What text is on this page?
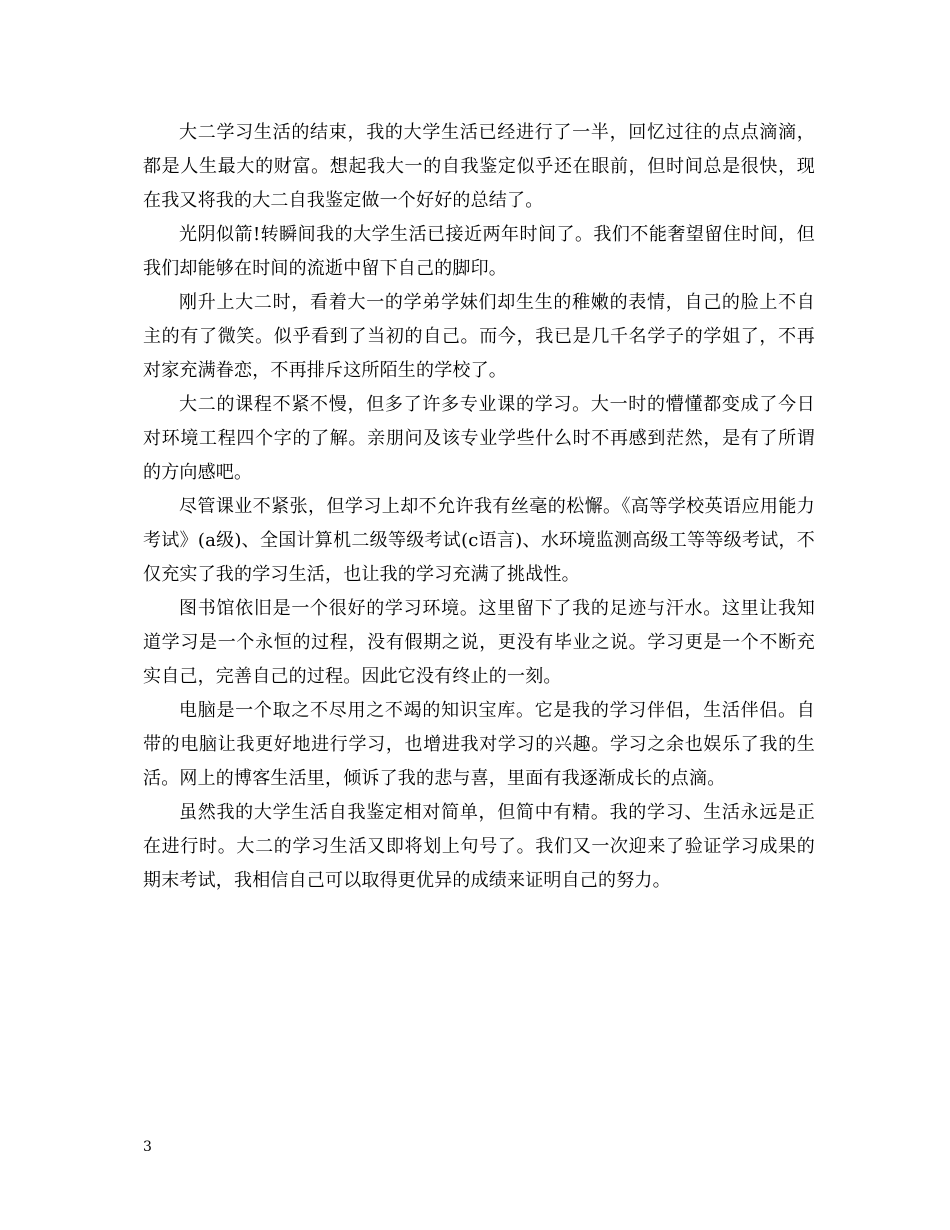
大二学习生活的结束，我的大学生活已经进行了一半，回忆过往的点点滴滴，都是人生最大的财富。想起我大一的自我鉴定似乎还在眼前，但时间总是很快，现在我又将我的大二自我鉴定做一个好好的总结了。

光阴似箭!转瞬间我的大学生活已接近两年时间了。我们不能奢望留住时间，但我们却能够在时间的流逝中留下自己的脚印。

刚升上大二时，看着大一的学弟学妹们却生生的稚嫩的表情，自己的脸上不自主的有了微笑。似乎看到了当初的自己。而今，我已是几千名学子的学姐了，不再对家充满眷恋，不再排斥这所陌生的学校了。

大二的课程不紧不慢，但多了许多专业课的学习。大一时的懵懂都变成了今日对环境工程四个字的了解。亲朋问及该专业学些什么时不再感到茫然，是有了所谓的方向感吧。

尽管课业不紧张，但学习上却不允许我有丝毫的松懈。《高等学校英语应用能力考试》(a级)、全国计算机二级等级考试(c语言)、水环境监测高级工等等级考试，不仅充实了我的学习生活，也让我的学习充满了挑战性。

图书馆依旧是一个很好的学习环境。这里留下了我的足迹与汗水。这里让我知道学习是一个永恒的过程，没有假期之说，更没有毕业之说。学习更是一个不断充实自己，完善自己的过程。因此它没有终止的一刻。

电脑是一个取之不尽用之不竭的知识宝库。它是我的学习伴侣，生活伴侣。自带的电脑让我更好地进行学习，也增进我对学习的兴趣。学习之余也娱乐了我的生活。网上的博客生活里，倾诉了我的悲与喜，里面有我逐渐成长的点滴。

虽然我的大学生活自我鉴定相对简单，但简中有精。我的学习、生活永远是正在进行时。大二的学习生活又即将划上句号了。我们又一次迎来了验证学习成果的期末考试，我相信自己可以取得更优异的成绩来证明自己的努力。

3
